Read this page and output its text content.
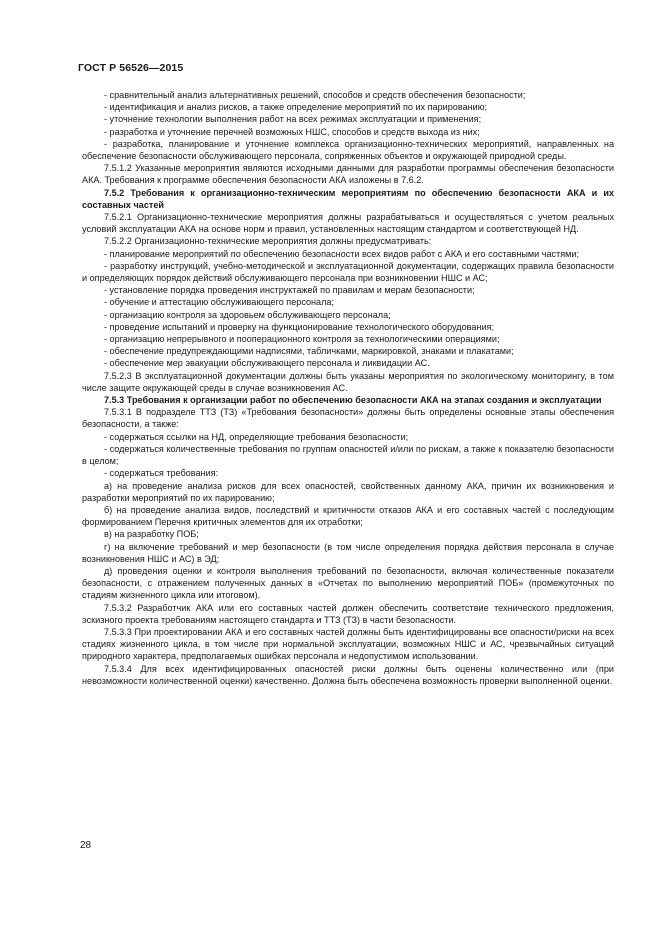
ГОСТ Р 56526—2015

- сравнительный анализ альтернативных решений, способов и средств обеспечения безопасности;

- идентификация и анализ рисков, а также определение мероприятий по их парированию;

- уточнение технологии выполнения работ на всех режимах эксплуатации и применения;

- разработка и уточнение перечней возможных НШС, способов и средств выхода из них;

- разработка, планирование и уточнение комплекса организационно-технических мероприятий, направленных на обеспечение безопасности обслуживающего персонала, сопряженных объектов и окружающей природной среды.

7.5.1.2 Указанные мероприятия являются исходными данными для разработки программы обеспечения безопасности АКА. Требования к программе обеспечения безопасности АКА изложены в 7.6.2.

7.5.2 Требования к организационно-техническим мероприятиям по обеспечению безопасности АКА и их составных частей

7.5.2.1 Организационно-технические мероприятия должны разрабатываться и осуществляться с учетом реальных условий эксплуатации АКА на основе норм и правил, установленных настоящим стандартом и соответствующей НД.

7.5.2.2 Организационно-технические мероприятия должны предусматривать:

- планирование мероприятий по обеспечению безопасности всех видов работ с АКА и его составными частями;

- разработку инструкций, учебно-методической и эксплуатационной документации, содержащих правила безопасности и определяющих порядок действий обслуживающего персонала при возникновении НШС и АС;

- установление порядка проведения инструктажей по правилам и мерам безопасности;

- обучение и аттестацию обслуживающего персонала;

- организацию контроля за здоровьем обслуживающего персонала;

- проведение испытаний и проверку на функционирование технологического оборудования;

- организацию непрерывного и пооперационного контроля за технологическими операциями;

- обеспечение предупреждающими надписями, табличками, маркировкой, знаками и плакатами;

- обеспечение мер эвакуации обслуживающего персонала и ликвидации АС.

7.5.2.3 В эксплуатационной документации должны быть указаны мероприятия по экологическому мониторингу, в том числе защите окружающей среды в случае возникновения АС.

7.5.3 Требования к организации работ по обеспечению безопасности АКА на этапах создания и эксплуатации

7.5.3.1 В подразделе ТТЗ (ТЗ) «Требования безопасности» должны быть определены основные этапы обеспечения безопасности, а также:

- содержаться ссылки на НД, определяющие требования безопасности;

- содержаться количественные требования по группам опасностей и/или по рискам, а также к показателю безопасности в целом;

- содержаться требования:

а) на проведение анализа рисков для всех опасностей, свойственных данному АКА, причин их возникновения и разработки мероприятий по их парированию;

б) на проведение анализа видов, последствий и критичности отказов АКА и его составных частей с последующим формированием Перечня критичных элементов для их отработки;

в) на разработку ПОБ;

г) на включение требований и мер безопасности (в том числе определения порядка действия персонала в случае возникновения НШС и АС) в ЭД;

д) проведения оценки и контроля выполнения требований по безопасности, включая количественные показатели безопасности, с отражением полученных данных в «Отчетах по выполнению мероприятий ПОБ» (промежуточных по стадиям жизненного цикла или итоговом).

7.5.3.2 Разработчик АКА или его составных частей должен обеспечить соответствие технического предложения, эскизного проекта требованиям настоящего стандарта и ТТЗ (ТЗ) в части безопасности.

7.5.3.3 При проектировании АКА и его составных частей должны быть идентифицированы все опасности/риски на всех стадиях жизненного цикла, в том числе при нормальной эксплуатации, возможных НШС и АС, чрезвычайных ситуаций природного характера, предполагаемых ошибках персонала и недопустимом использовании.

7.5.3.4 Для всех идентифицированных опасностей риски должны быть оценены количественно или (при невозможности количественной оценки) качественно. Должна быть обеспечена возможность проверки выполненной оценки.

28
